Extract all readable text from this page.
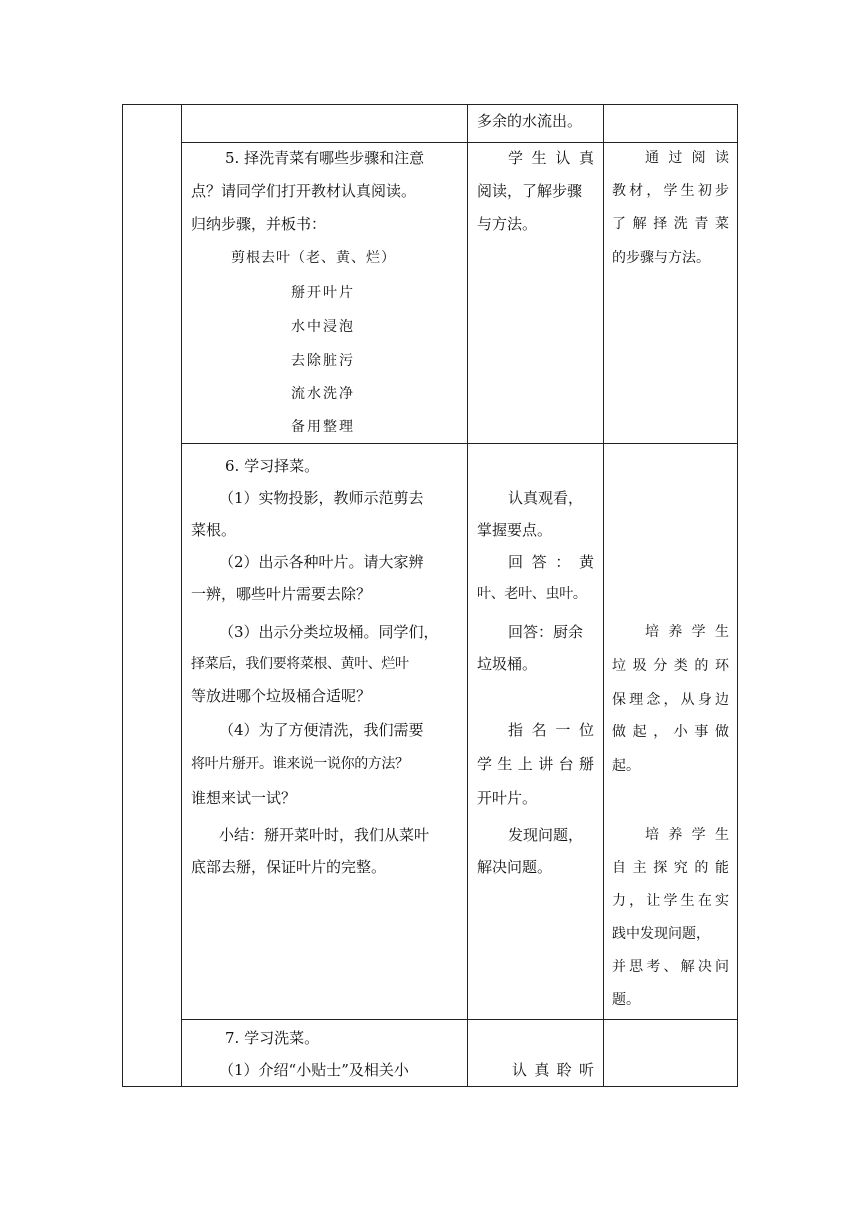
多余的水流出。
5. 择洗青菜有哪些步骤和注意
点？请同学们打开教材认真阅读。
归纳步骤，并板书：
剪根去叶（老、黄、烂）
掰开叶片
水中浸泡
去除脏污
流水洗净
备用整理
学生认真
阅读，了解步骤
与方法。
通过阅读
教材，学生初步
了解择洗青菜
的步骤与方法。
6. 学习择菜。
（1）实物投影，教师示范剪去
菜根。
（2）出示各种叶片。请大家辨
一辨，哪些叶片需要去除？
（3）出示分类垃圾桶。同学们，
择菜后，我们要将菜根、黄叶、烂叶
等放进哪个垃圾桶合适呢？
（4）为了方便清洗，我们需要
将叶片掰开。谁来说一说你的方法？
谁想来试一试？
小结：掰开菜叶时，我们从菜叶
底部去掰，保证叶片的完整。
认真观看，
掌握要点。
回答：黄
叶、老叶、虫叶。
回答：厨余
垃圾桶。
指名一位
学生上讲台掰
开叶片。
发现问题，
解决问题。
培养学生
垃圾分类的环
保理念，从身边
做起，小事做
起。
培养学生
自主探究的能
力，让学生在实
践中发现问题，
并思考、解决问
题。
7. 学习洗菜。
（1）介绍“小贴士”及相关小	认真聆听
